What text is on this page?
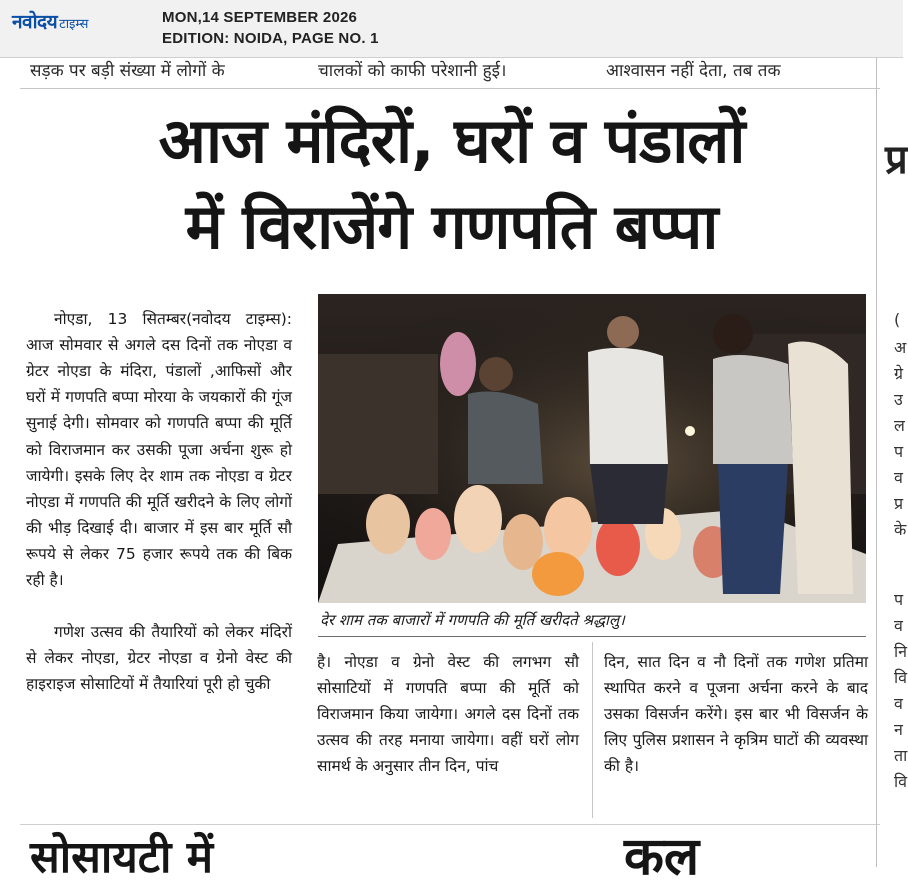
नवोदय टाइम्स	MON,14 SEPTEMBER 2026
EDITION: NOIDA, PAGE NO. 1
सड़क पर बड़ी संख्या में लोगों के	चालकों को काफी परेशानी हुई।	आश्वासन नहीं देता, तब तक
आज मंदिरों, घरों व पंडालों
में विराजेंगे गणपति बप्पा

नोएडा, 13 सितम्बर(नवोदय टाइम्स): आज सोमवार से अगले दस दिनों तक नोएडा व ग्रेटर नोएडा के मंदिरा, पंडालों ,आफिसों और घरों में गणपति बप्पा मोरया के जयकारों की गूंज सुनाई देगी। सोमवार को गणपति बप्पा की मूर्ति को विराजमान कर उसकी पूजा अर्चना शुरू हो जायेगी। इसके लिए देर शाम तक नोएडा व ग्रेटर नोएडा में गणपति की मूर्ति खरीदने के लिए लोगों की भीड़ दिखाई दी। बाजार में इस बार मूर्ति सौ रूपये से लेकर 75 हजार रूपये तक की बिक रही है।

गणेश उत्सव की तैयारियों को लेकर मंदिरों से लेकर नोएडा, ग्रेटर नोएडा व ग्रेनो वेस्ट की हाइराइज सोसाटियों में तैयारियां पूरी हो चुकी

देर शाम तक बाजारों में गणपति की मूर्ति खरीदते श्रद्धालु।
है। नोएडा व ग्रेनो वेस्ट की लगभग सौ सोसाटियों में गणपति बप्पा की मूर्ति को विराजमान किया जायेगा। अगले दस दिनों तक उत्सव की तरह मनाया जायेगा। वहीं घरों लोग सामर्थ के अनुसार तीन दिन, पांच
दिन, सात दिन व नौ दिनों तक गणेश प्रतिमा स्थापित करने व पूजना अर्चना करने के बाद उसका विसर्जन करेंगे। इस बार भी विसर्जन के लिए पुलिस प्रशासन ने कृत्रिम घाटों की व्यवस्था की है।
सोसायटी में	कल
प्र
(
अ
ग्रे
उ
ल
प
व
प्र
के
प
व
नि
वि
व
न
ता
वि
